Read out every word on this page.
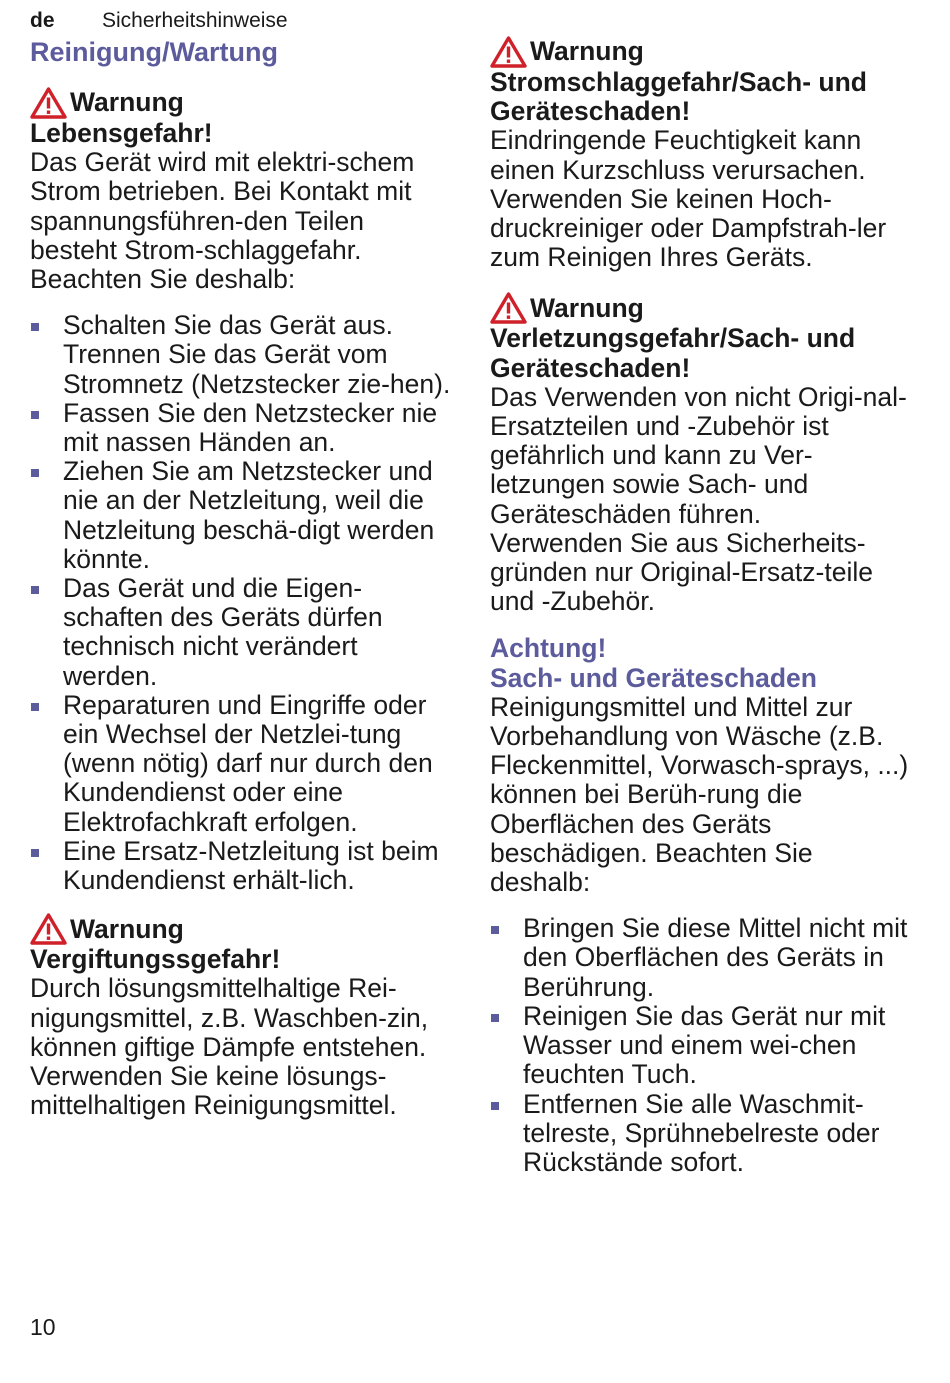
de Sicherheitshinweise
Reinigung/Wartung
Warnung
Lebensgefahr!

Das Gerät wird mit elektri-schem Strom betrieben. Bei Kontakt mit spannungsführen-den Teilen besteht Strom-schlaggefahr. Beachten Sie deshalb:

Schalten Sie das Gerät aus. Trennen Sie das Gerät vom Stromnetz (Netzstecker zie-hen).
Fassen Sie den Netzstecker nie mit nassen Händen an.
Ziehen Sie am Netzstecker und nie an der Netzleitung, weil die Netzleitung beschä-digt werden könnte.
Das Gerät und die Eigen-schaften des Geräts dürfen technisch nicht verändert werden.
Reparaturen und Eingriffe oder ein Wechsel der Netzlei-tung (wenn nötig) darf nur durch den Kundendienst oder eine Elektrofachkraft erfolgen.
Eine Ersatz-Netzleitung ist beim Kundendienst erhält-lich.
Warnung
Vergiftungssgefahr!

Durch lösungsmittelhaltige Rei-nigungsmittel, z.B. Waschben-zin, können giftige Dämpfe entstehen.

Verwenden Sie keine lösungs-mittelhaltigen Reinigungsmittel.

Warnung
Stromschlaggefahr/Sach- und Geräteschaden!

Eindringende Feuchtigkeit kann einen Kurzschluss verursachen. Verwenden Sie keinen Hoch-druckreiniger oder Dampfstrah-ler zum Reinigen Ihres Geräts.

Warnung
Verletzungsgefahr/Sach- und Geräteschaden!

Das Verwenden von nicht Origi-nal-Ersatzteilen und -Zubehör ist gefährlich und kann zu Ver-letzungen sowie Sach- und Geräteschäden führen.

Verwenden Sie aus Sicherheits-gründen nur Original-Ersatz-teile und -Zubehör.

Achtung!
Sach- und Geräteschaden

Reinigungsmittel und Mittel zur Vorbehandlung von Wäsche (z.B. Fleckenmittel, Vorwasch-sprays, ...) können bei Berüh-rung die Oberflächen des Geräts beschädigen. Beachten Sie deshalb:

Bringen Sie diese Mittel nicht mit den Oberflächen des Geräts in Berührung.
Reinigen Sie das Gerät nur mit Wasser und einem wei-chen feuchten Tuch.
Entfernen Sie alle Waschmit-telreste, Sprühnebelreste oder Rückstände sofort.
10
